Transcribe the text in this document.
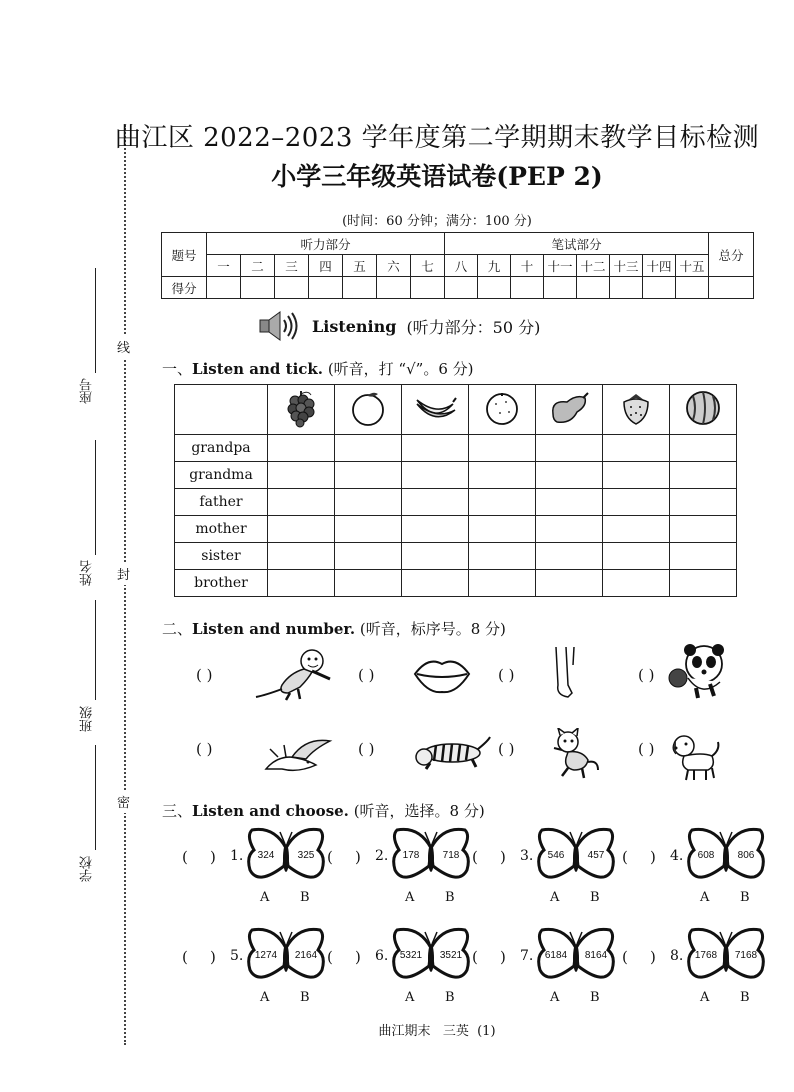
线
封
密
座号
姓名
班级
学校
曲江区 2022–2023 学年度第二学期期末教学目标检测
小学三年级英语试卷(PEP 2)
(时间：60 分钟；满分：100 分)
题号	听力部分							笔试部分								总分
	一	二	三	四	五	六	七	八	九	十	十一	十二	十三	十四	十五	
得分																
Listening (听力部分：50 分)
一、Listen and tick. (听音，打 “√”。6 分)

grandpa							
grandma							
father							
mother							
sister							
brother							
二、Listen and number. (听音，标序号。8 分)
( )	( )	( )	( )
( )	( )	( )	( )
三、Listen and choose. (听音，选择。8 分)
( ) 1.	324	325
A B
( ) 2.	178	718
A B
( ) 3.	546	457
A B
( ) 4.	608	806
A B
( ) 5.	1274	2164
A B
( ) 6.	5321	3521
A B
( ) 7.	6184	8164
A B
( ) 8.	1768	7168
A B
曲江期末   三英  (1)
